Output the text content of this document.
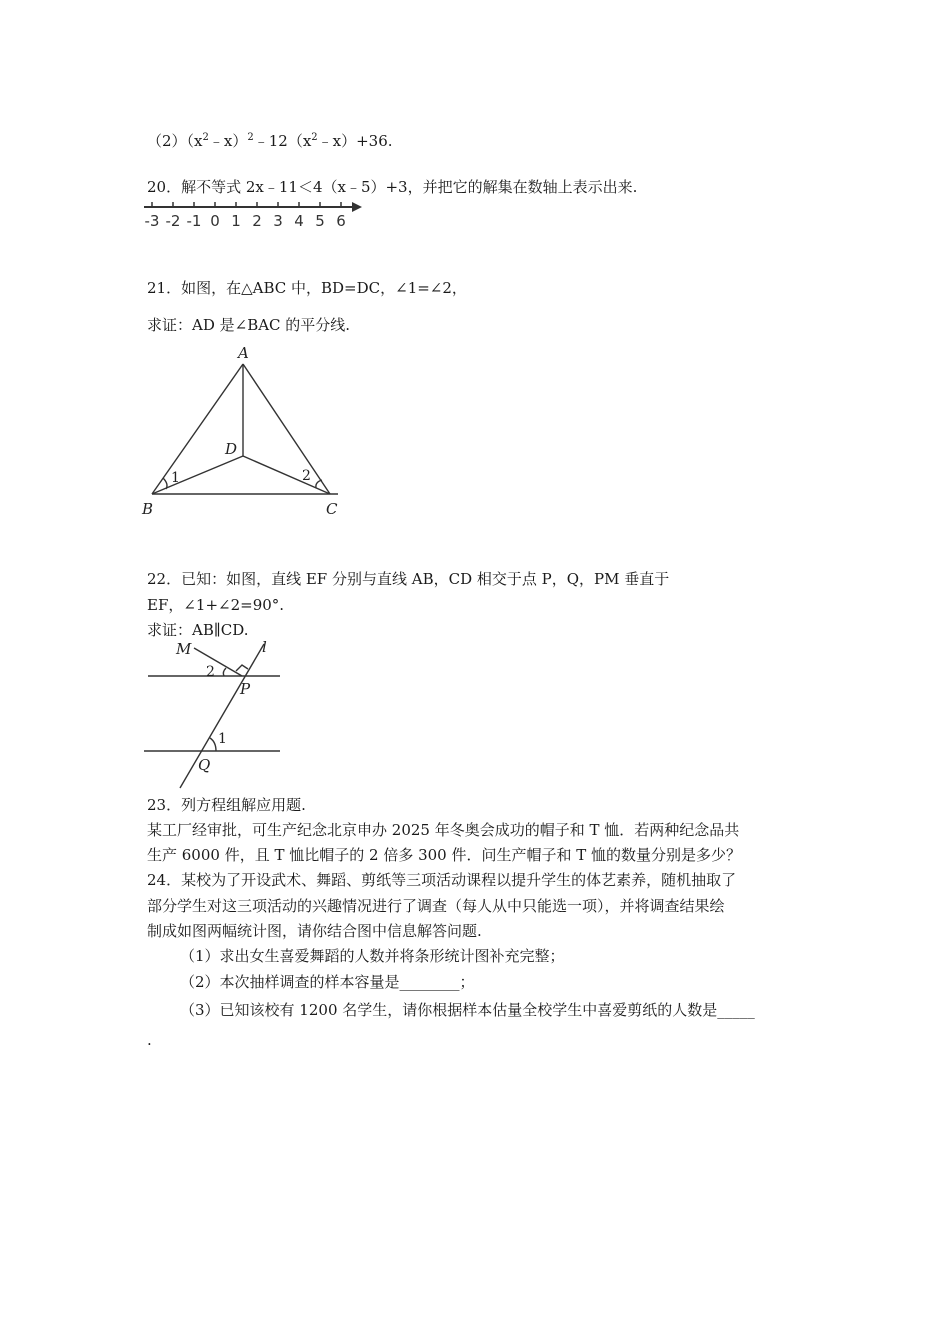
$(2)(x^2﹣x)^2﹣12(x^2﹣x)+36$.
20．解不等式 2x﹣11＜4（x﹣5）+3，并把它的解集在数轴上表示出来.
-3 -2 -1 0 1 2 3 4 5 6
21．如图，在△ABC 中，BD=DC，∠1=∠2，
求证：AD 是∠BAC 的平分线.
A
D
B	C
1	2
22．已知：如图，直线 EF 分别与直线 AB，CD 相交于点 P，Q，PM 垂直于
EF，∠1+∠2=90°.
求证：AB∥CD.
M	l
P
Q
2
1
23．列方程组解应用题.
某工厂经审批，可生产纪念北京申办 2025 年冬奥会成功的帽子和 T 恤．若两种纪念品共
生产 6000 件，且 T 恤比帽子的 2 倍多 300 件．问生产帽子和 T 恤的数量分别是多少？
24．某校为了开设武术、舞蹈、剪纸等三项活动课程以提升学生的体艺素养，随机抽取了
部分学生对这三项活动的兴趣情况进行了调查（每人从中只能选一项），并将调查结果绘
制成如图两幅统计图，请你结合图中信息解答问题.
（1）求出女生喜爱舞蹈的人数并将条形统计图补充完整；
（2）本次抽样调查的样本容量是________；
（3）已知该校有 1200 名学生，请你根据样本估量全校学生中喜爱剪纸的人数是_____
.
